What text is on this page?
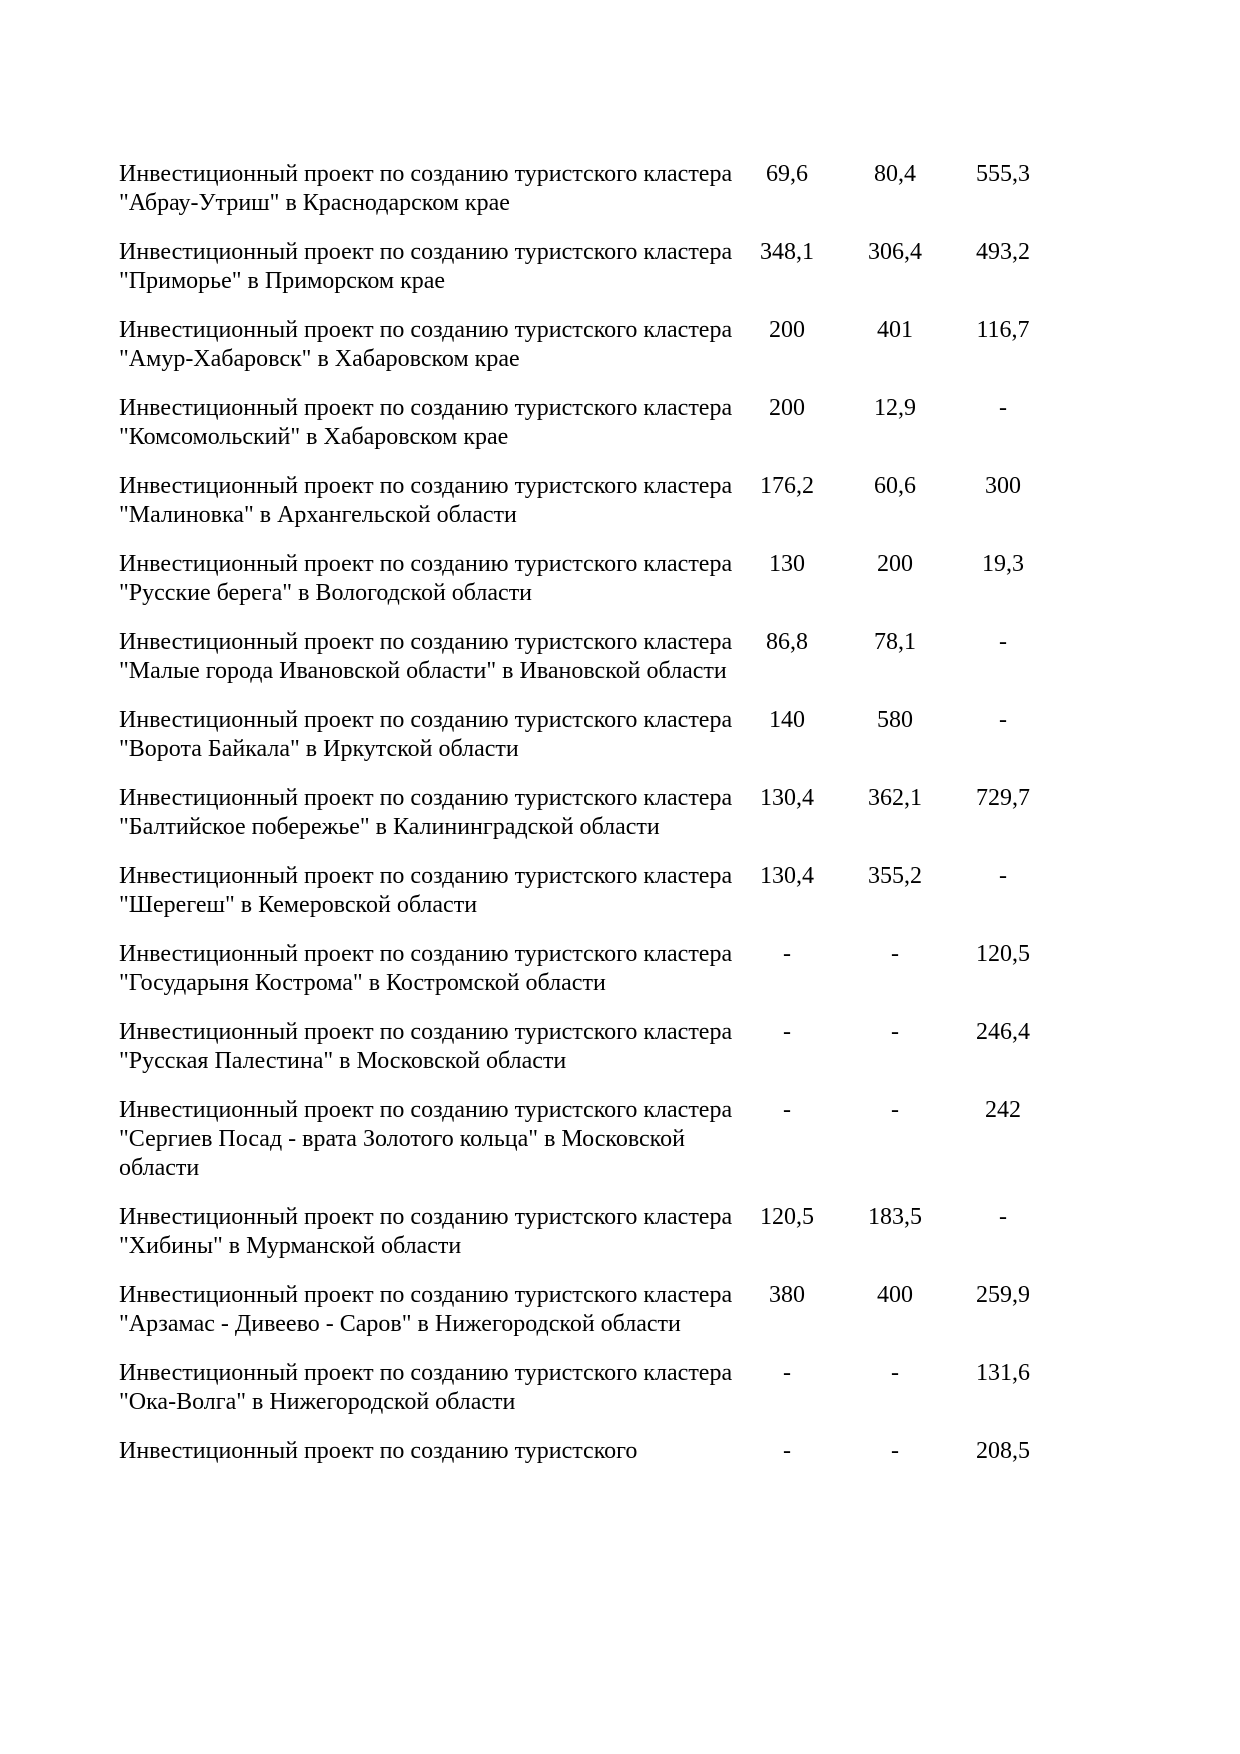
Инвестиционный проект по созданию туристского кластера "Абрау-Утриш" в Краснодарском крае
69,6	80,4	555,3
Инвестиционный проект по созданию туристского кластера "Приморье" в Приморском крае
348,1	306,4	493,2
Инвестиционный проект по созданию туристского кластера "Амур-Хабаровск" в Хабаровском крае
200	401	116,7
Инвестиционный проект по созданию туристского кластера "Комсомольский" в Хабаровском крае
200	12,9	-
Инвестиционный проект по созданию туристского кластера "Малиновка" в Архангельской области
176,2	60,6	300
Инвестиционный проект по созданию туристского кластера "Русские берега" в Вологодской области
130	200	19,3
Инвестиционный проект по созданию туристского кластера "Малые города Ивановской области" в Ивановской области
86,8	78,1	-
Инвестиционный проект по созданию туристского кластера "Ворота Байкала" в Иркутской области
140	580	-
Инвестиционный проект по созданию туристского кластера "Балтийское побережье" в Калининградской области
130,4	362,1	729,7
Инвестиционный проект по созданию туристского кластера "Шерегеш" в Кемеровской области
130,4	355,2	-
Инвестиционный проект по созданию туристского кластера "Государыня Кострома" в Костромской области
-	-	120,5
Инвестиционный проект по созданию туристского кластера "Русская Палестина" в Московской области
-	-	246,4
Инвестиционный проект по созданию туристского кластера "Сергиев Посад - врата Золотого кольца" в Московской области
-	-	242
Инвестиционный проект по созданию туристского кластера "Хибины" в Мурманской области
120,5	183,5	-
Инвестиционный проект по созданию туристского кластера "Арзамас - Дивеево - Саров" в Нижегородской области
380	400	259,9
Инвестиционный проект по созданию туристского кластера "Ока-Волга" в Нижегородской области
-	-	131,6
Инвестиционный проект по созданию туристского	-	-	208,5
